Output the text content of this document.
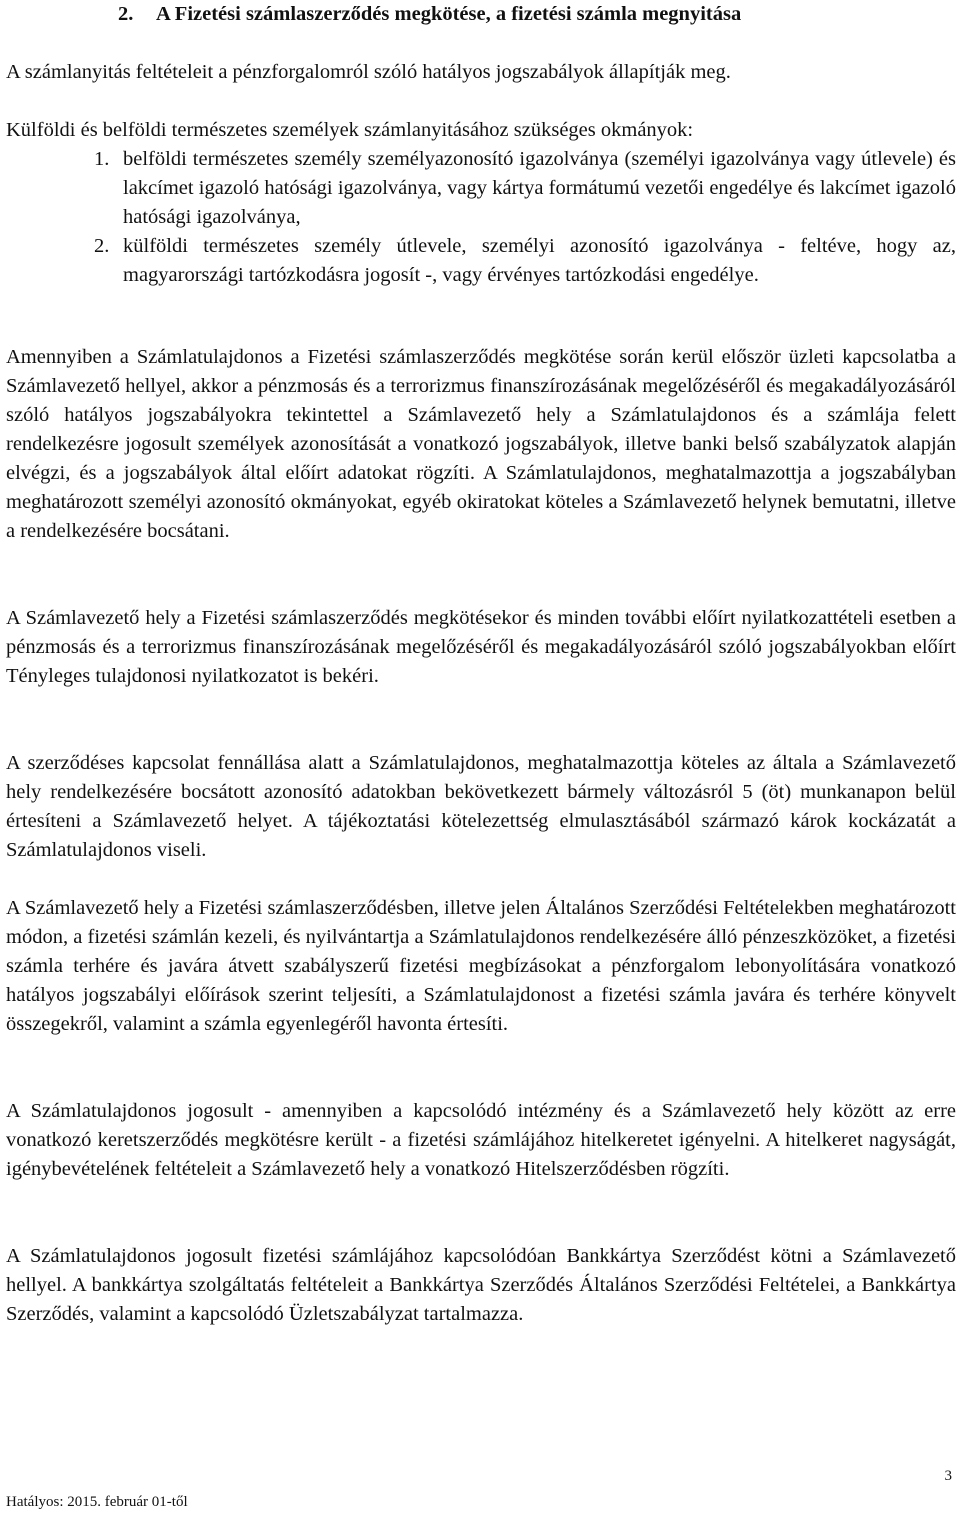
2. A Fizetési számlaszerződés megkötése, a fizetési számla megnyitása
A számlanyitás feltételeit a pénzforgalomról szóló hatályos jogszabályok állapítják meg.
Külföldi és belföldi természetes személyek számlanyitásához szükséges okmányok:
1. belföldi természetes személy személyazonosító igazolványa (személyi igazolványa vagy útlevele) és lakcímet igazoló hatósági igazolványa, vagy kártya formátumú vezetői engedélye és lakcímet igazoló hatósági igazolványa,
2. külföldi természetes személy útlevele, személyi azonosító igazolványa - feltéve, hogy az, magyarországi tartózkodásra jogosít -, vagy érvényes tartózkodási engedélye.
Amennyiben a Számlatulajdonos a Fizetési számlaszerződés megkötése során kerül először üzleti kapcsolatba a Számlavezető hellyel, akkor a pénzmosás és a terrorizmus finanszírozásának megelőzéséről és megakadályozásáról szóló hatályos jogszabályokra tekintettel a Számlavezető hely a Számlatulajdonos és a számlája felett rendelkezésre jogosult személyek azonosítását a vonatkozó jogszabályok, illetve banki belső szabályzatok alapján elvégzi, és a jogszabályok által előírt adatokat rögzíti. A Számlatulajdonos, meghatalmazottja a jogszabályban meghatározott személyi azonosító okmányokat, egyéb okiratokat köteles a Számlavezető helynek bemutatni, illetve a rendelkezésére bocsátani.
A Számlavezető hely a Fizetési számlaszerződés megkötésekor és minden további előírt nyilatkozattételi esetben a pénzmosás és a terrorizmus finanszírozásának megelőzéséről és megakadályozásáról szóló jogszabályokban előírt Tényleges tulajdonosi nyilatkozatot is bekéri.
A szerződéses kapcsolat fennállása alatt a Számlatulajdonos, meghatalmazottja köteles az általa a Számlavezető hely rendelkezésére bocsátott azonosító adatokban bekövetkezett bármely változásról 5 (öt) munkanapon belül értesíteni a Számlavezető helyet. A tájékoztatási kötelezettség elmulasztásából származó károk kockázatát a Számlatulajdonos viseli.
A Számlavezető hely a Fizetési számlaszerződésben, illetve jelen Általános Szerződési Feltételekben meghatározott módon, a fizetési számlán kezeli, és nyilvántartja a Számlatulajdonos rendelkezésére álló pénzeszközöket, a fizetési számla terhére és javára átvett szabályszerű fizetési megbízásokat a pénzforgalom lebonyolítására vonatkozó hatályos jogszabályi előírások szerint teljesíti, a Számlatulajdonost a fizetési számla javára és terhére könyvelt összegekről, valamint a számla egyenlegéről havonta értesíti.
A Számlatulajdonos jogosult - amennyiben a kapcsolódó intézmény és a Számlavezető hely között az erre vonatkozó keretszerződés megkötésre került - a fizetési számlájához hitelkeretet igényelni. A hitelkeret nagyságát, igénybevételének feltételeit a Számlavezető hely a vonatkozó Hitelszerződésben rögzíti.
A Számlatulajdonos jogosult fizetési számlájához kapcsolódóan Bankkártya Szerződést kötni a Számlavezető hellyel. A bankkártya szolgáltatás feltételeit a Bankkártya Szerződés Általános Szerződési Feltételei, a Bankkártya Szerződés, valamint a kapcsolódó Üzletszabályzat tartalmazza.
3
Hatályos: 2015. február 01-től
